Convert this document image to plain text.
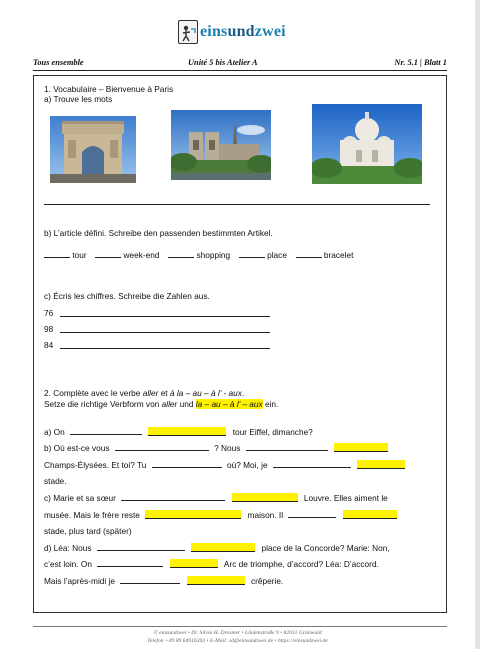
einsundzwei
Tous ensemble	Unité 5 bis Atelier A	Nr. 5.1 | Blatt 1
1. Vocabulaire – Bienvenue à Paris
a) Trouve les mots
b) L’article défini. Schreibe den passenden bestimmten Artikel.
tour	week-end	shopping	place	bracelet
c) Écris les chiffres. Schreibe die Zahlen aus.
76
98
84
2. Complète avec le verbe aller et à la – au – à l’ - aux.
Setze die richtige Verbform von aller und la – au – à l’ – aux ein.
a) On	tour Eiffel, dimanche?
b) Où est-ce vous	? Nous
Champs-Élysées. Et toi? Tu	où? Moi, je
stade.
c) Marie et sa sœur	Louvre. Elles aiment le
musée. Mais le frère reste	maison. Il
stade, plus tard (später)
d) Léa: Nous	place de la Concorde? Marie: Non,
c’est loin. On	Arc de triomphe, d’accord? Léa: D’accord.
Mais l’après-midi je	crêperie.
© einsundzwei • Dr. Silvia H. Drosmer • Lindenstraße 9 • 82031 Grünwald
Telefon +49 89 64916203 • E-Mail: sd@einsundzwei.de • https://einsundzwei.de
